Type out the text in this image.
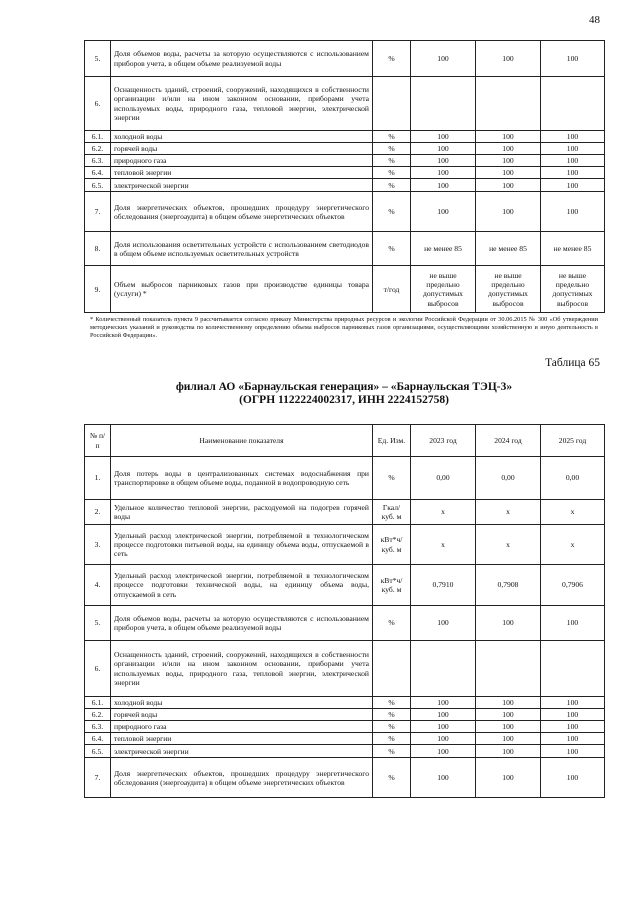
48
5.	Доля объемов воды, расчеты за которую осуществляются с использованием приборов учета, в общем объеме реализуемой воды	%	100	100	100
6.	Оснащенность зданий, строений, сооружений, находящихся в собственности организации и/или на ином законном основании, приборами учета используемых воды, природного газа, тепловой энергии, электрической энергии				
6.1.	холодной воды	%	100	100	100
6.2.	горячей воды	%	100	100	100
6.3.	природного газа	%	100	100	100
6.4.	тепловой энергии	%	100	100	100
6.5.	электрической энергии	%	100	100	100
7.	Доля энергетических объектов, прошедших процедуру энергетического обследования (энергоаудита) в общем объеме энергетических объектов	%	100	100	100
8.	Доля использования осветительных устройств с использованием светодиодов в общем объеме используемых осветительных устройств	%	не менее 85	не менее 85	не менее 85
9.	Объем выбросов парниковых газов при производстве единицы товара (услуги) *	т/год	не выше предельно допустимых выбросов	не выше предельно допустимых выбросов	не выше предельно допустимых выбросов
* Количественный показатель пункта 9 рассчитывается согласно приказу Министерства природных ресурсов и экологии Российской Федерации от 30.06.2015 № 300 «Об утверждении методических указаний и руководства по количественному определению объема выбросов парниковых газов организациями, осуществляющими хозяйственную и иную деятельность в Российской Федерации».
Таблица 65
филиал АО «Барнаульская генерация» – «Барнаульская ТЭЦ-3»
(ОГРН 1122224002317, ИНН 2224152758)
№ п/п	Наименование показателя	Ед. Изм.	2023 год	2024 год	2025 год
1.	Доля потерь воды в централизованных системах водоснабжения при транспортировке в общем объеме воды, поданной в водопроводную сеть	%	0,00	0,00	0,00
2.	Удельное количество тепловой энергии, расходуемой на подогрев горячей воды	Гкал/ куб. м	x	x	x
3.	Удельный расход электрической энергии, потребляемой в технологическом процессе подготовки питьевой воды, на единицу объема воды, отпускаемой в сеть	кВт*ч/ куб. м	x	x	x
4.	Удельный расход электрической энергии, потребляемой в технологическом процессе подготовки технической воды, на единицу объема воды, отпускаемой в сеть	кВт*ч/ куб. м	0,7910	0,7908	0,7906
5.	Доля объемов воды, расчеты за которую осуществляются с использованием приборов учета, в общем объеме реализуемой воды	%	100	100	100
6.	Оснащенность зданий, строений, сооружений, находящихся в собственности организации и/или на ином законном основании, приборами учета используемых воды, природного газа, тепловой энергии, электрической энергии				
6.1.	холодной воды	%	100	100	100
6.2.	горячей воды	%	100	100	100
6.3.	природного газа	%	100	100	100
6.4.	тепловой энергии	%	100	100	100
6.5.	электрической энергии	%	100	100	100
7.	Доля энергетических объектов, прошедших процедуру энергетического обследования (энергоаудита) в общем объеме энергетических объектов	%	100	100	100
